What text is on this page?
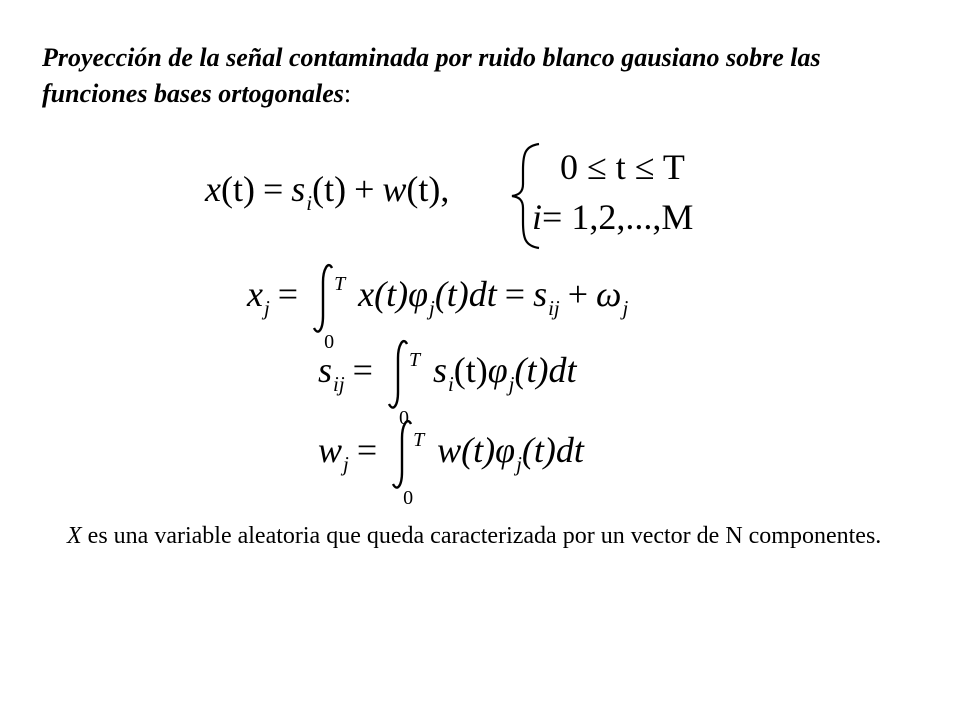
Proyección de la señal contaminada por ruido blanco gausiano sobre las funciones bases ortogonales:
$x(t) = s_i(t) + w(t)$,
0 ≤ t ≤ T
i= 1,2,...,M
$x_j = T$
0
$x(t)\varphi_j(t)dt = s_{ij} + \omega_j$
$s_{ij} = T$
0
$s_i(t)\varphi_j(t)dt$
$w_j = T$
0
$w(t)\varphi_j(t)dt$
X es una variable aleatoria que queda caracterizada por un vector de N componentes.
